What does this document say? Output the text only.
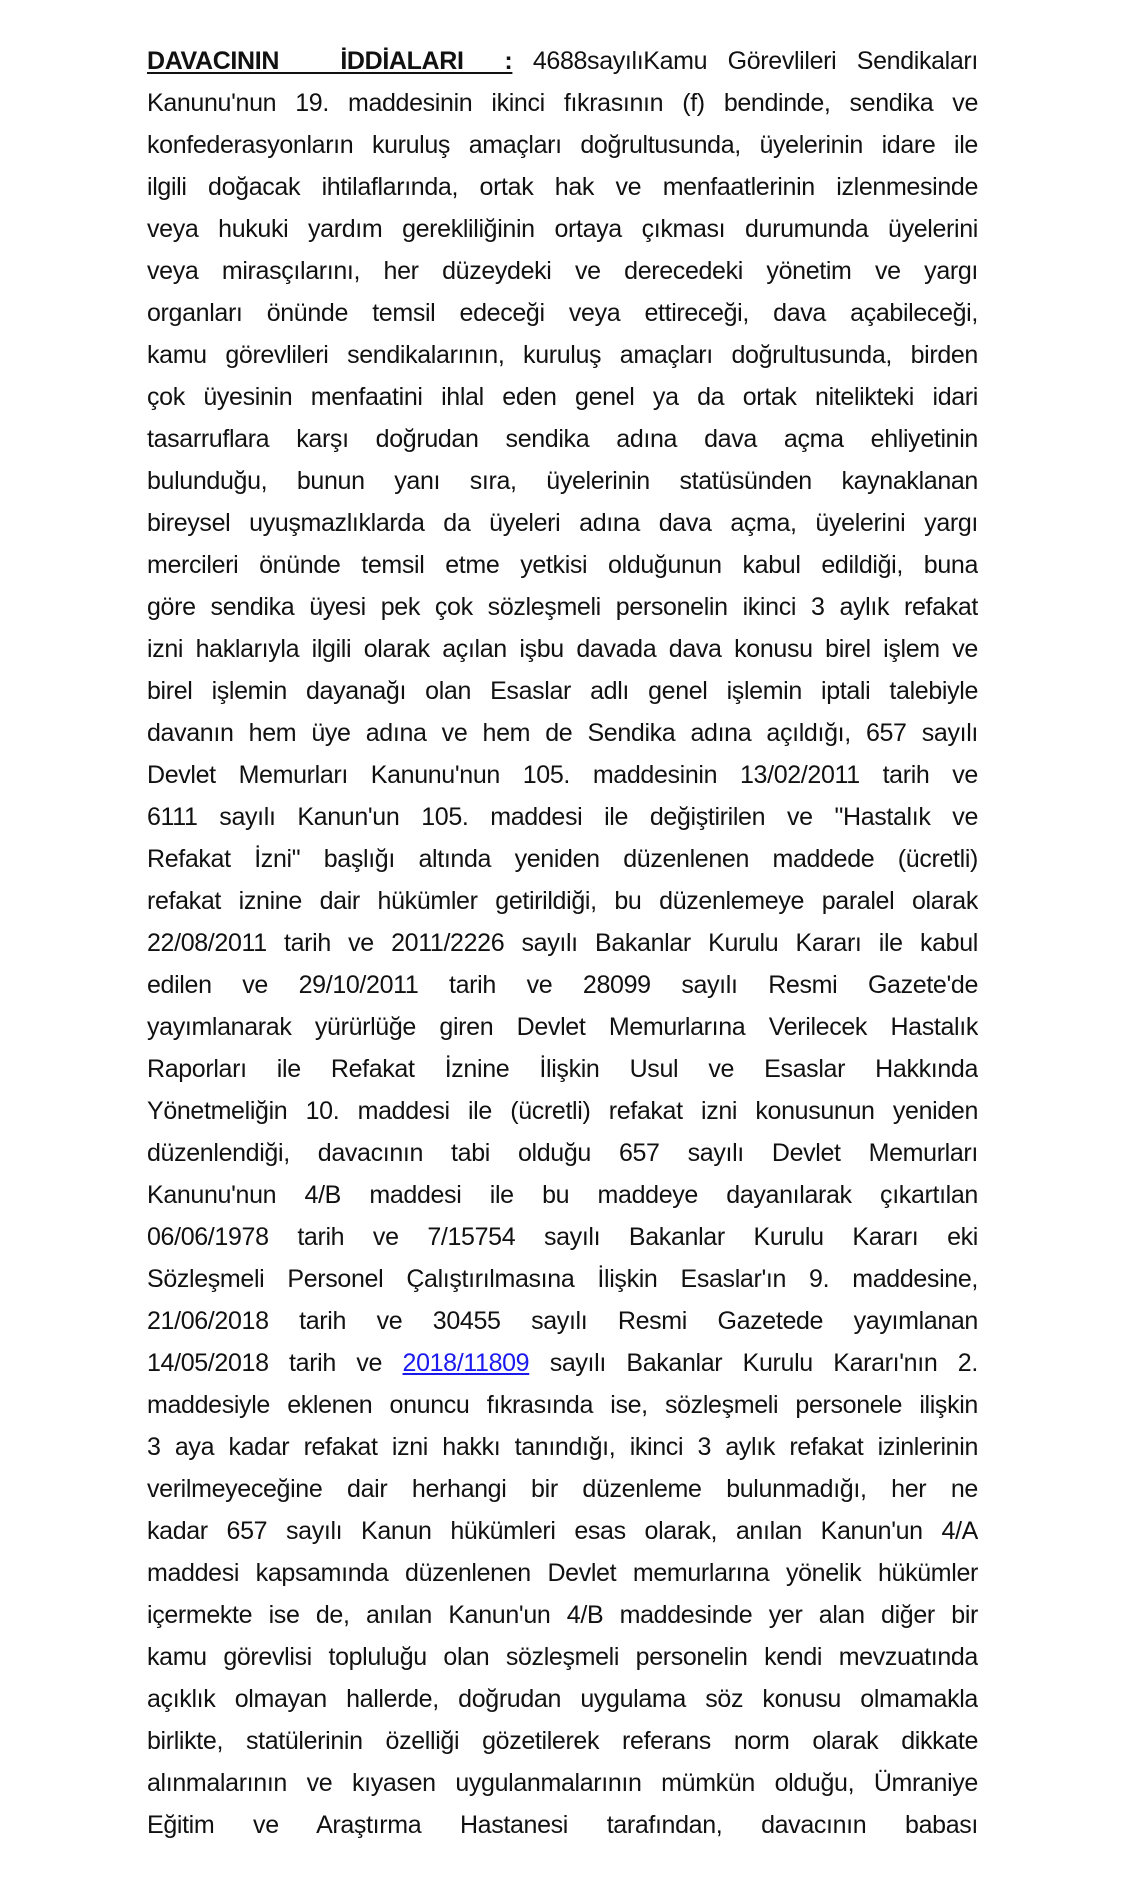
DAVACININ   İDDİALARI  : 4688sayılıKamu Görevlileri Sendikaları
Kanunu'nun 19. maddesinin ikinci fıkrasının (f) bendinde, sendika ve
konfederasyonların kuruluş amaçları doğrultusunda, üyelerinin idare ile
ilgili doğacak ihtilaflarında, ortak hak ve menfaatlerinin izlenmesinde
veya hukuki yardım gerekliliğinin ortaya çıkması durumunda üyelerini
veya mirasçılarını, her düzeydeki ve derecedeki yönetim ve yargı
organları önünde temsil edeceği veya ettireceği, dava açabileceği,
kamu görevlileri sendikalarının, kuruluş amaçları doğrultusunda, birden
çok üyesinin menfaatini ihlal eden genel ya da ortak nitelikteki idari
tasarruflara karşı doğrudan sendika adına dava açma ehliyetinin
bulunduğu, bunun yanı sıra, üyelerinin statüsünden kaynaklanan
bireysel uyuşmazlıklarda da üyeleri adına dava açma, üyelerini yargı
mercileri önünde temsil etme yetkisi olduğunun kabul edildiği, buna
göre sendika üyesi pek çok sözleşmeli personelin ikinci 3 aylık refakat
izni haklarıyla ilgili olarak açılan işbu davada dava konusu birel işlem ve
birel işlemin dayanağı olan Esaslar adlı genel işlemin iptali talebiyle
davanın hem üye adına ve hem de Sendika adına açıldığı, 657 sayılı
Devlet Memurları Kanunu'nun 105. maddesinin 13/02/2011 tarih ve
6111 sayılı Kanun'un 105. maddesi ile değiştirilen ve "Hastalık ve
Refakat İzni" başlığı altında yeniden düzenlenen maddede (ücretli)
refakat iznine dair hükümler getirildiği, bu düzenlemeye paralel olarak
22/08/2011 tarih ve 2011/2226 sayılı Bakanlar Kurulu Kararı ile kabul
edilen ve 29/10/2011 tarih ve 28099 sayılı Resmi Gazete'de
yayımlanarak yürürlüğe giren Devlet Memurlarına Verilecek Hastalık
Raporları ile Refakat İznine İlişkin Usul ve Esaslar Hakkında
Yönetmeliğin 10. maddesi ile (ücretli) refakat izni konusunun yeniden
düzenlendiği, davacının tabi olduğu 657 sayılı Devlet Memurları
Kanunu'nun 4/B maddesi ile bu maddeye dayanılarak çıkartılan
06/06/1978 tarih ve 7/15754 sayılı Bakanlar Kurulu Kararı eki
Sözleşmeli Personel Çalıştırılmasına İlişkin Esaslar'ın 9. maddesine,
21/06/2018 tarih ve 30455 sayılı Resmi Gazetede yayımlanan
14/05/2018 tarih ve 2018/11809 sayılı Bakanlar Kurulu Kararı'nın 2.
maddesiyle eklenen onuncu fıkrasında ise, sözleşmeli personele ilişkin
3 aya kadar refakat izni hakkı tanındığı, ikinci 3 aylık refakat izinlerinin
verilmeyeceğine dair herhangi bir düzenleme bulunmadığı, her ne
kadar 657 sayılı Kanun hükümleri esas olarak, anılan Kanun'un 4/A
maddesi kapsamında düzenlenen Devlet memurlarına yönelik hükümler
içermekte ise de, anılan Kanun'un 4/B maddesinde yer alan diğer bir
kamu görevlisi topluluğu olan sözleşmeli personelin kendi mevzuatında
açıklık olmayan hallerde, doğrudan uygulama söz konusu olmamakla
birlikte, statülerinin özelliği gözetilerek referans norm olarak dikkate
alınmalarının ve kıyasen uygulanmalarının mümkün olduğu, Ümraniye
Eğitim ve Araştırma Hastanesi tarafından, davacının babası
